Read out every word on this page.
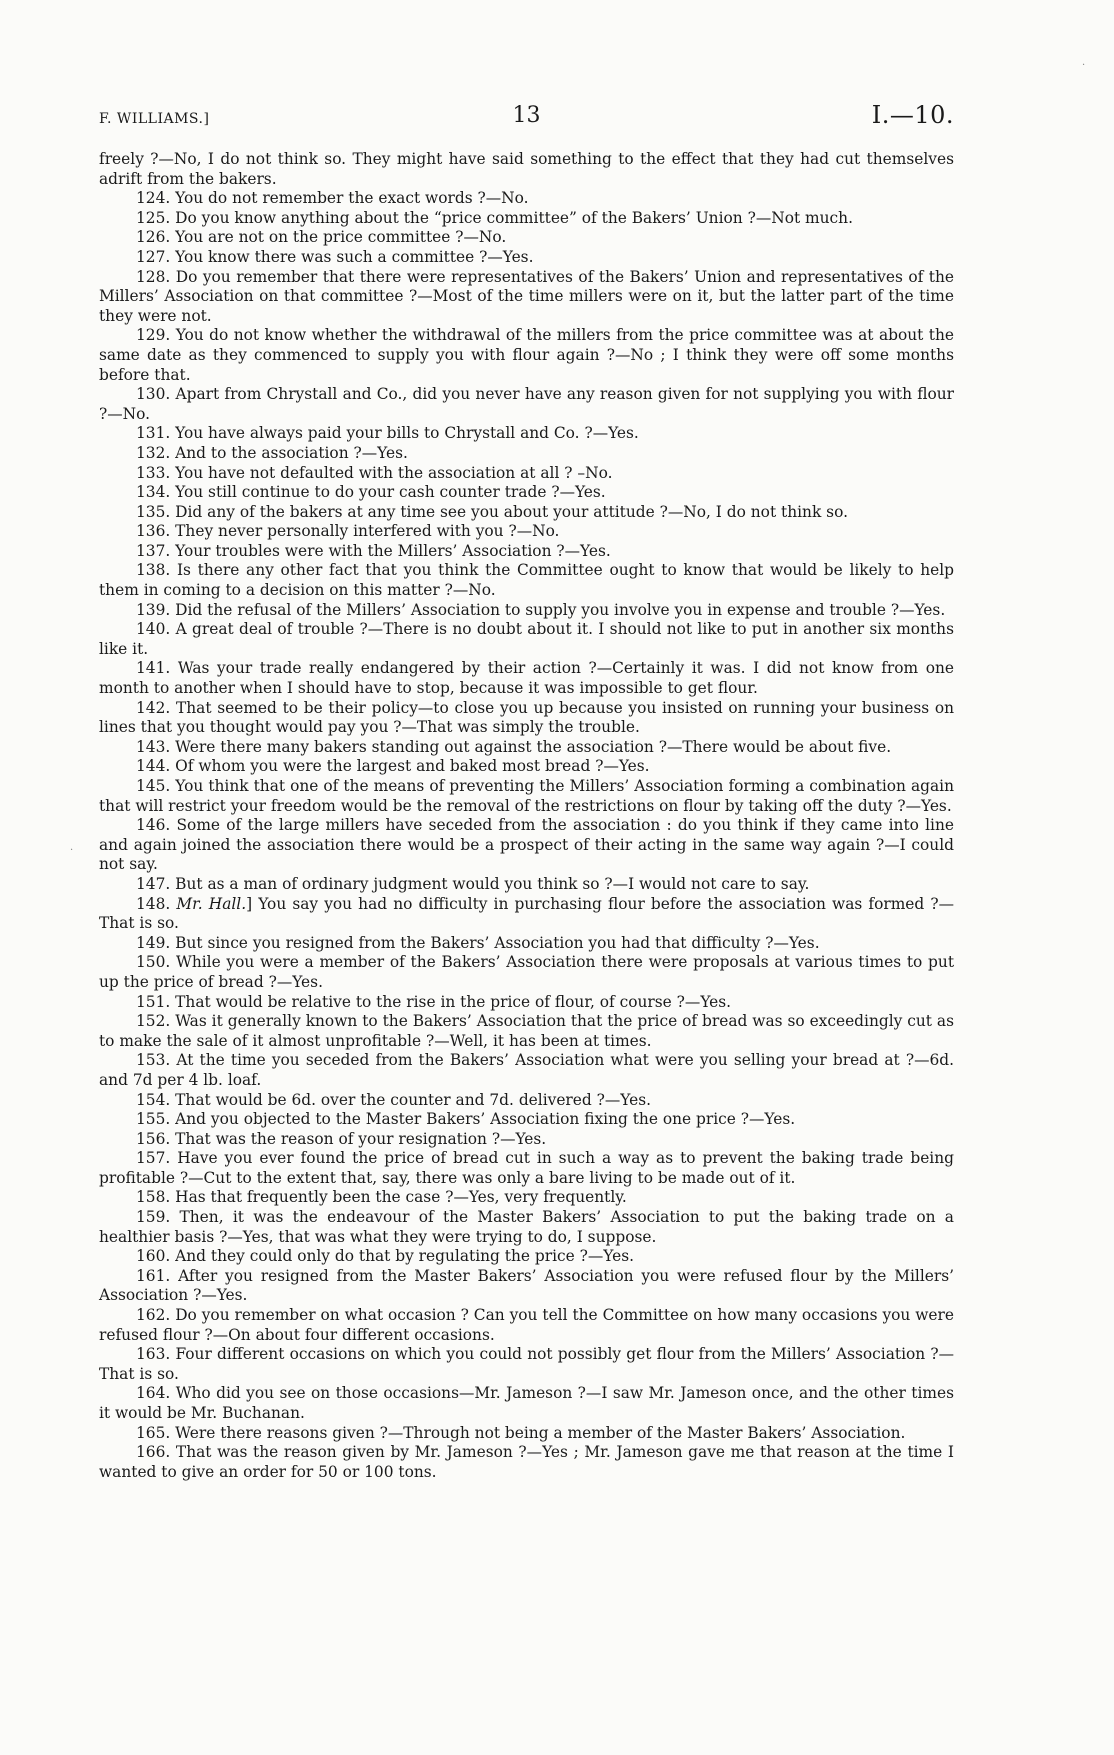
F. WILLIAMS.]	13	I.—10.

freely ?—No, I do not think so. They might have said something to the effect that they had cut themselves adrift from the bakers.

124. You do not remember the exact words ?—No.

125. Do you know anything about the “price committee” of the Bakers’ Union ?—Not much.

126. You are not on the price committee ?—No.

127. You know there was such a committee ?—Yes.

128. Do you remember that there were representatives of the Bakers’ Union and representatives of the Millers’ Association on that committee ?—Most of the time millers were on it, but the latter part of the time they were not.

129. You do not know whether the withdrawal of the millers from the price committee was at about the same date as they commenced to supply you with flour again ?—No ; I think they were off some months before that.

130. Apart from Chrystall and Co., did you never have any reason given for not supplying you with flour ?—No.

131. You have always paid your bills to Chrystall and Co. ?—Yes.

132. And to the association ?—Yes.

133. You have not defaulted with the association at all ? –No.

134. You still continue to do your cash counter trade ?—Yes.

135. Did any of the bakers at any time see you about your attitude ?—No, I do not think so.

136. They never personally interfered with you ?—No.

137. Your troubles were with the Millers’ Association ?—Yes.

138. Is there any other fact that you think the Committee ought to know that would be likely to help them in coming to a decision on this matter ?—No.

139. Did the refusal of the Millers’ Association to supply you involve you in expense and trouble ?—Yes.

140. A great deal of trouble ?—There is no doubt about it. I should not like to put in another six months like it.

141. Was your trade really endangered by their action ?—Certainly it was. I did not know from one month to another when I should have to stop, because it was impossible to get flour.

142. That seemed to be their policy—to close you up because you insisted on running your business on lines that you thought would pay you ?—That was simply the trouble.

143. Were there many bakers standing out against the association ?—There would be about five.

144. Of whom you were the largest and baked most bread ?—Yes.

145. You think that one of the means of preventing the Millers’ Association forming a combination again that will restrict your freedom would be the removal of the restrictions on flour by taking off the duty ?—Yes.

146. Some of the large millers have seceded from the association : do you think if they came into line and again joined the association there would be a prospect of their acting in the same way again ?—I could not say.

147. But as a man of ordinary judgment would you think so ?—I would not care to say.

148. Mr. Hall.] You say you had no difficulty in purchasing flour before the association was formed ?—That is so.

149. But since you resigned from the Bakers’ Association you had that difficulty ?—Yes.

150. While you were a member of the Bakers’ Association there were proposals at various times to put up the price of bread ?—Yes.

151. That would be relative to the rise in the price of flour, of course ?—Yes.

152. Was it generally known to the Bakers’ Association that the price of bread was so exceedingly cut as to make the sale of it almost unprofitable ?—Well, it has been at times.

153. At the time you seceded from the Bakers’ Association what were you selling your bread at ?—6d. and 7d per 4 lb. loaf.

154. That would be 6d. over the counter and 7d. delivered ?—Yes.

155. And you objected to the Master Bakers’ Association fixing the one price ?—Yes.

156. That was the reason of your resignation ?—Yes.

157. Have you ever found the price of bread cut in such a way as to prevent the baking trade being profitable ?—Cut to the extent that, say, there was only a bare living to be made out of it.

158. Has that frequently been the case ?—Yes, very frequently.

159. Then, it was the endeavour of the Master Bakers’ Association to put the baking trade on a healthier basis ?—Yes, that was what they were trying to do, I suppose.

160. And they could only do that by regulating the price ?—Yes.

161. After you resigned from the Master Bakers’ Association you were refused flour by the Millers’ Association ?—Yes.

162. Do you remember on what occasion ? Can you tell the Committee on how many occasions you were refused flour ?—On about four different occasions.

163. Four different occasions on which you could not possibly get flour from the Millers’ Association ?—That is so.

164. Who did you see on those occasions—Mr. Jameson ?—I saw Mr. Jameson once, and the other times it would be Mr. Buchanan.

165. Were there reasons given ?—Through not being a member of the Master Bakers’ Association.

166. That was the reason given by Mr. Jameson ?—Yes ; Mr. Jameson gave me that reason at the time I wanted to give an order for 50 or 100 tons.

·
·
